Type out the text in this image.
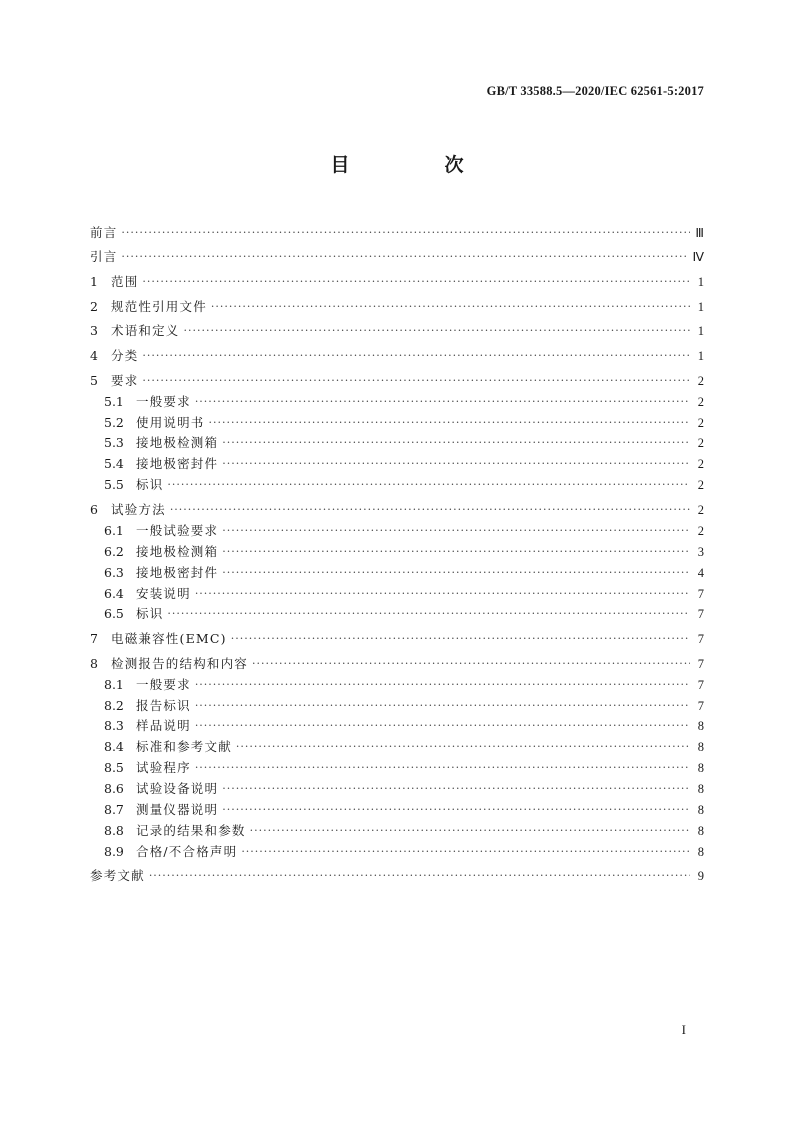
GB/T 33588.5—2020/IEC 62561-5:2017
目　次
前言 ·····	Ⅲ
引言 ·····	Ⅳ
1	范围 ·····	1
2	规范性引用文件 ·····	1
3	术语和定义 ·····	1
4	分类 ·····	1
5	要求 ·····	2
5.1 一般要求 ·····	2
5.2 使用说明书 ·····	2
5.3 接地极检测箱 ·····	2
5.4 接地极密封件 ·····	2
5.5 标识 ·····	2
6	试验方法 ·····	2
6.1 一般试验要求 ·····	2
6.2 接地极检测箱 ·····	3
6.3 接地极密封件 ·····	4
6.4 安装说明 ·····	7
6.5 标识 ·····	7
7	电磁兼容性(EMC) ·····	7
8	检测报告的结构和内容 ·····	7
8.1 一般要求 ·····	7
8.2 报告标识 ·····	7
8.3 样品说明 ·····	8
8.4 标准和参考文献 ·····	8
8.5 试验程序 ·····	8
8.6 试验设备说明 ·····	8
8.7 测量仪器说明 ·····	8
8.8 记录的结果和参数 ·····	8
8.9 合格/不合格声明 ·····	8
参考文献 ·····	9
I
